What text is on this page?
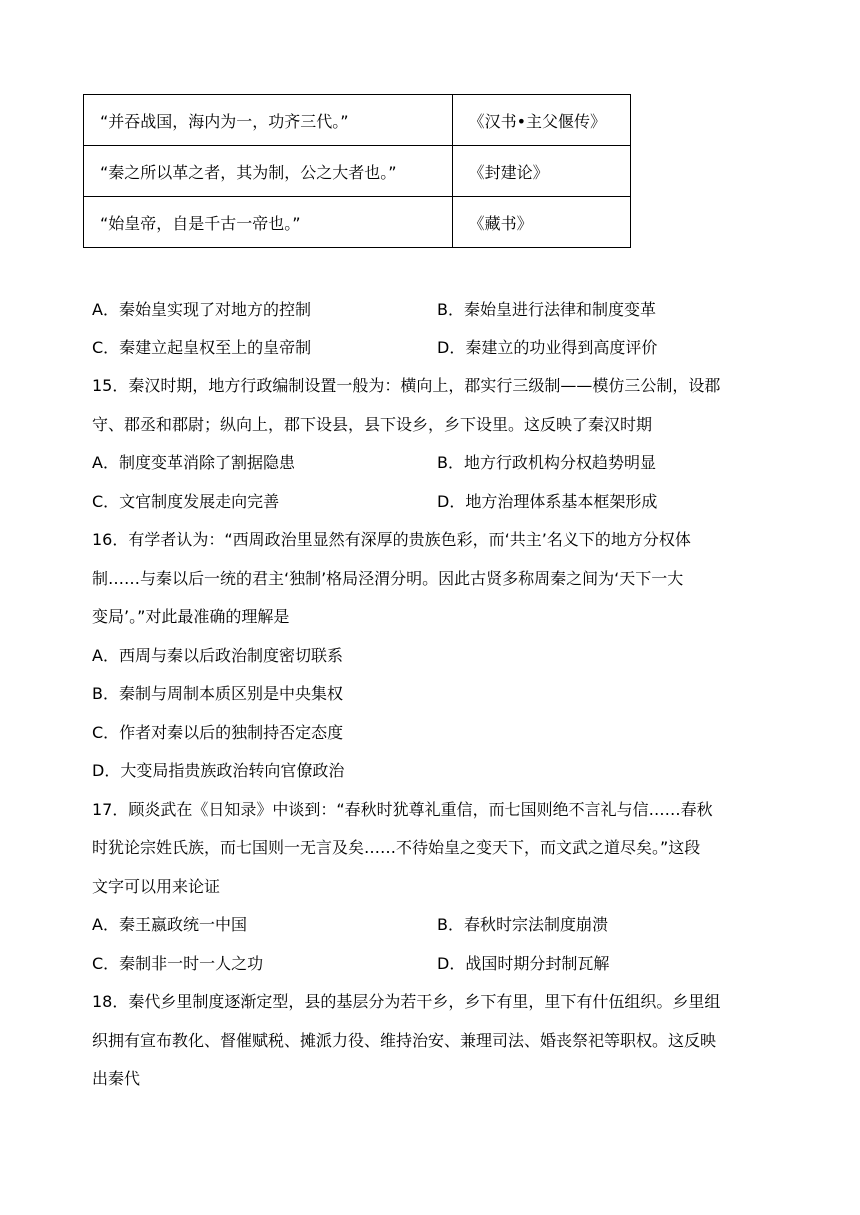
“并吞战国，海内为一，功齐三代。”	《汉书•主父偃传》
“秦之所以革之者，其为制，公之大者也。”	《封建论》
“始皇帝，自是千古一帝也。”	《藏书》
A．秦始皇实现了对地方的控制	B．秦始皇进行法律和制度变革
C．秦建立起皇权至上的皇帝制	D．秦建立的功业得到高度评价
15．秦汉时期，地方行政编制设置一般为：横向上，郡实行三级制——模仿三公制，设郡
守、郡丞和郡尉；纵向上，郡下设县，县下设乡，乡下设里。这反映了秦汉时期
A．制度变革消除了割据隐患	B．地方行政机构分权趋势明显
C．文官制度发展走向完善	D．地方治理体系基本框架形成
16．有学者认为：“西周政治里显然有深厚的贵族色彩，而‘共主’名义下的地方分权体
制……与秦以后一统的君主‘独制’格局泾渭分明。因此古贤多称周秦之间为‘天下一大
变局’。”对此最准确的理解是
A．西周与秦以后政治制度密切联系
B．秦制与周制本质区别是中央集权
C．作者对秦以后的独制持否定态度
D．大变局指贵族政治转向官僚政治
17．顾炎武在《日知录》中谈到：“春秋时犹尊礼重信，而七国则绝不言礼与信……春秋
时犹论宗姓氏族，而七国则一无言及矣……不待始皇之变天下，而文武之道尽矣。”这段
文字可以用来论证
A．秦王嬴政统一中国	B．春秋时宗法制度崩溃
C．秦制非一时一人之功	D．战国时期分封制瓦解
18．秦代乡里制度逐渐定型，县的基层分为若干乡，乡下有里，里下有什伍组织。乡里组
织拥有宣布教化、督催赋税、摊派力役、维持治安、兼理司法、婚丧祭祀等职权。这反映
出秦代
